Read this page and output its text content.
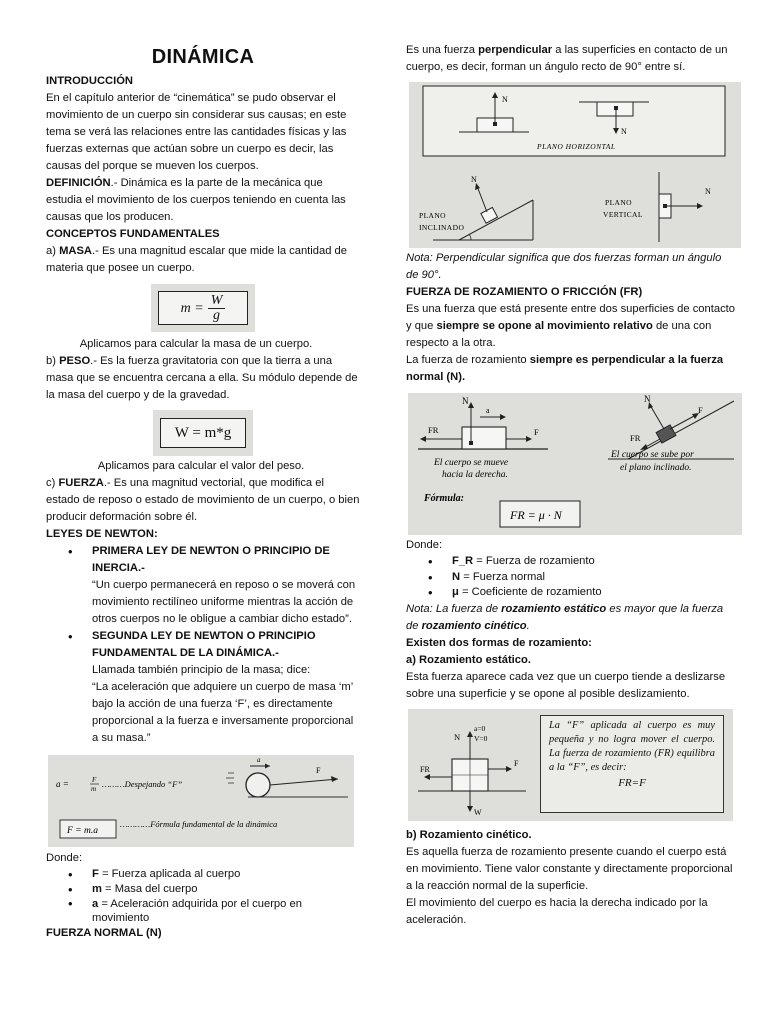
DINÁMICA

INTRODUCCIÓN

En el capítulo anterior de “cinemática” se pudo observar el movimiento de un cuerpo sin considerar sus causas; en este tema se verá las relaciones entre las cantidades físicas y las fuerzas externas que actúan sobre un cuerpo es decir, las causas del porque se mueven los cuerpos.

DEFINICIÓN.- Dinámica es la parte de la mecánica que estudia el movimiento de los cuerpos teniendo en cuenta las causas que los producen.

CONCEPTOS FUNDAMENTALES

a) MASA.- Es una magnitud escalar que mide la cantidad de materia que posee un cuerpo.

$m = \frac{W}{g}$

Aplicamos para calcular la masa de un cuerpo.

b) PESO.- Es la fuerza gravitatoria con que la tierra a una masa que se encuentra cercana a ella. Su módulo depende de la masa del cuerpo y de la gravedad.

W = m*g

Aplicamos para calcular el valor del peso.

c) FUERZA.- Es una magnitud vectorial, que modifica el estado de reposo o estado de movimiento de un cuerpo, o bien producir deformación sobre él.

LEYES DE NEWTON:

• PRIMERA LEY DE NEWTON O PRINCIPIO DE INERCIA.-

“Un cuerpo permanecerá en reposo o se moverá con movimiento rectilíneo uniforme mientras la acción de otros cuerpos no le obligue a cambiar dicho estado”.

• SEGUNDA LEY DE NEWTON O PRINCIPIO FUNDAMENTAL DE LA DINÁMICA.-

Llamada también principio de la masa; dice:

“La aceleración que adquiere un cuerpo de masa ‘m’ bajo la acción de una fuerza ‘F’, es directamente proporcional a la fuerza e inversamente proporcional a su masa.”

a =	F
m ………Despejando “F”
F
a
F = m.a
…………Fórmula fundamental de la dinámica

Donde:

• F = Fuerza aplicada al cuerpo
• m = Masa del cuerpo
• a = Aceleración adquirida por el cuerpo en movimiento

FUERZA NORMAL (N)

Es una fuerza perpendicular a las superficies en contacto de un cuerpo, es decir, forman un ángulo recto de 90° entre sí.

N
N
PLANO HORIZONTAL
N
PLANO
INCLINADO
N
PLANO
VERTICAL

Nota: Perpendicular significa que dos fuerzas forman un ángulo de 90°.

FUERZA DE ROZAMIENTO O FRICCIÓN (FR)

Es una fuerza que está presente entre dos superficies de contacto y que siempre se opone al movimiento relativo de una con respecto a la otra.

La fuerza de rozamiento siempre es perpendicular a la fuerza normal (N).

N
a
FR	F
El cuerpo se mueve
hacia la derecha.
N
F
FR
El cuerpo se sube por
el plano inclinado.
Fórmula:
FR = μ · N

Donde:

• F_R = Fuerza de rozamiento
• N = Fuerza normal
• μ = Coeficiente de rozamiento

Nota: La fuerza de rozamiento estático es mayor que la fuerza de rozamiento cinético.

Existen dos formas de rozamiento:

a) Rozamiento estático.

Esta fuerza aparece cada vez que un cuerpo tiende a deslizarse sobre una superficie y se opone al posible deslizamiento.

N
a=0
V=0
FR
F
W
La “F” aplicada al cuerpo es muy pequeña y no logra mover el cuerpo. La fuerza de rozamiento (FR) equilibra a la “F”, es decir:
FR=F

b) Rozamiento cinético.

Es aquella fuerza de rozamiento presente cuando el cuerpo está en movimiento. Tiene valor constante y directamente proporcional a la reacción normal de la superficie.

El movimiento del cuerpo es hacia la derecha indicado por la aceleración.
